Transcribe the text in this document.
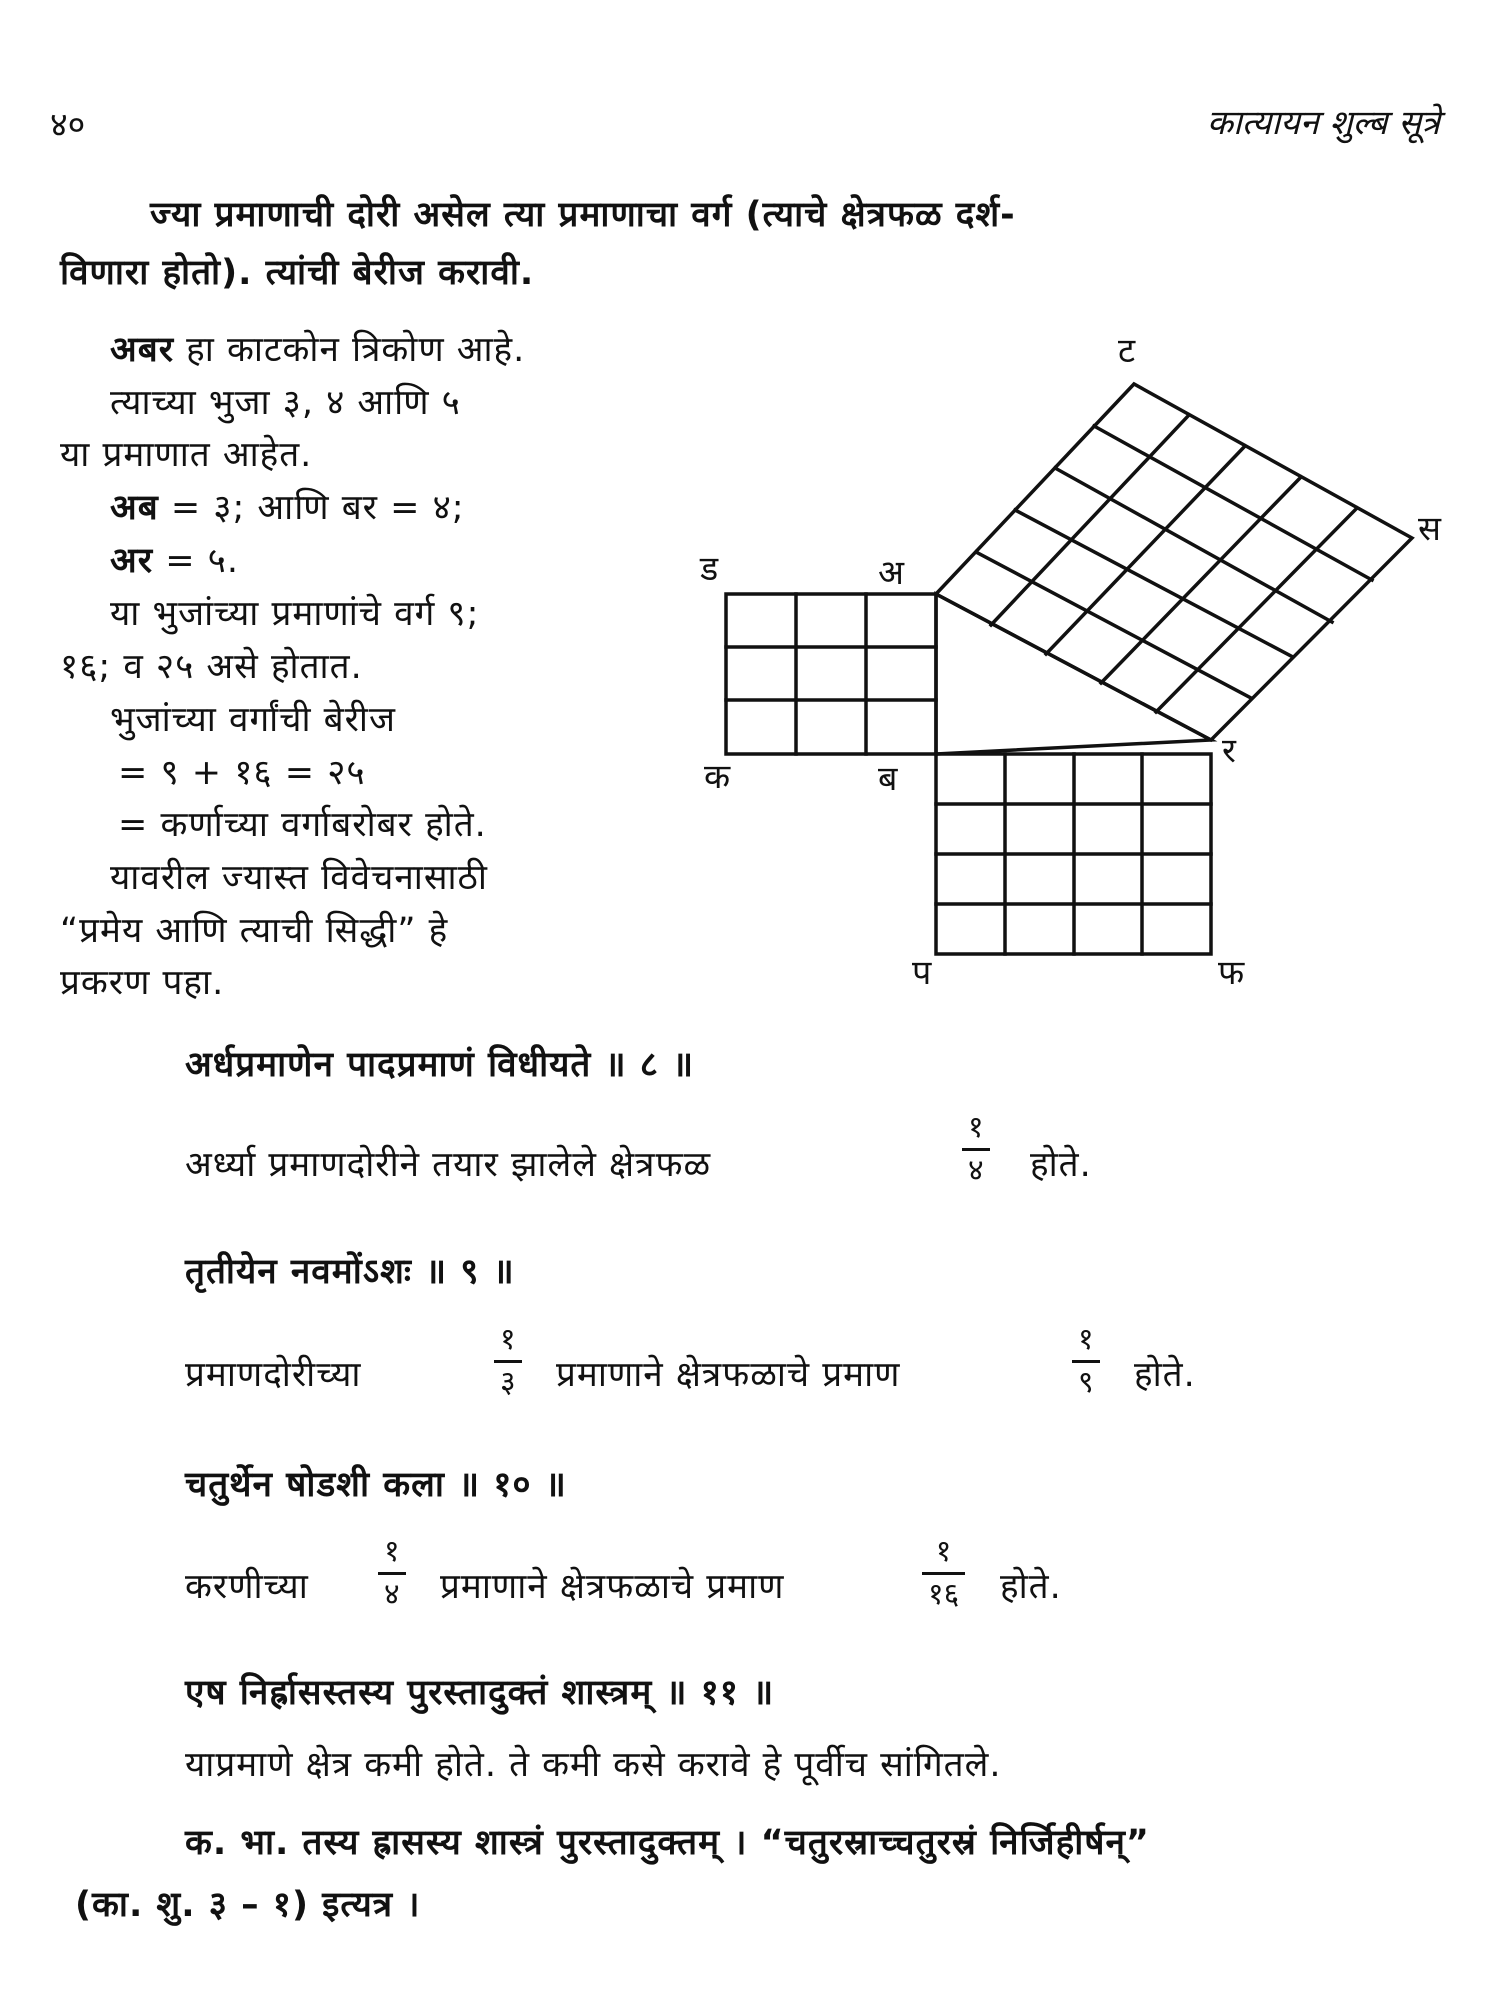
४०	कात्यायन शुल्ब सूत्रे
ज्या प्रमाणाची दोरी असेल त्या प्रमाणाचा वर्ग (त्याचे क्षेत्रफळ दर्श-
विणारा होतो). त्यांची बेरीज करावी.
अबर हा काटकोन त्रिकोण आहे.
त्याच्या भुजा ३, ४ आणि ५
या प्रमाणात आहेत.
अब = ३; आणि बर = ४;
अर = ५.
या भुजांच्या प्रमाणांचे वर्ग ९;
१६; व २५ असे होतात.
भुजांच्या वर्गांची बेरीज
= ९ + १६ = २५
= कर्णाच्या वर्गाबरोबर होते.
यावरील ज्यास्त विवेचनासाठी
“प्रमेय आणि त्याची सिद्धी” हे
प्रकरण पहा.
ड	अ
क	ब
ट
स
र
प	फ
अर्धप्रमाणेन पादप्रमाणं विधीयते ॥ ८ ॥
अर्ध्या प्रमाणदोरीने तयार झालेले क्षेत्रफळ
१
४ होते.
तृतीयेन नवमोंऽशः ॥ ९ ॥
प्रमाणदोरीच्या
१
३ प्रमाणाने क्षेत्रफळाचे प्रमाण
१
९ होते.
चतुर्थेन षोडशी कला ॥ १० ॥
करणीच्या
१
४ प्रमाणाने क्षेत्रफळाचे प्रमाण
१
१६ होते.
एष निर्ह्रासस्तस्य पुरस्तादुक्तं शास्त्रम् ॥ ११ ॥
याप्रमाणे क्षेत्र कमी होते. ते कमी कसे करावे हे पूर्वीच सांगितले.
क. भा. तस्य ह्रासस्य शास्त्रं पुरस्तादुक्तम् । “चतुरस्राच्चतुरस्रं निर्जिहीर्षन्”
(का. शु. ३ – १) इत्यत्र ।
